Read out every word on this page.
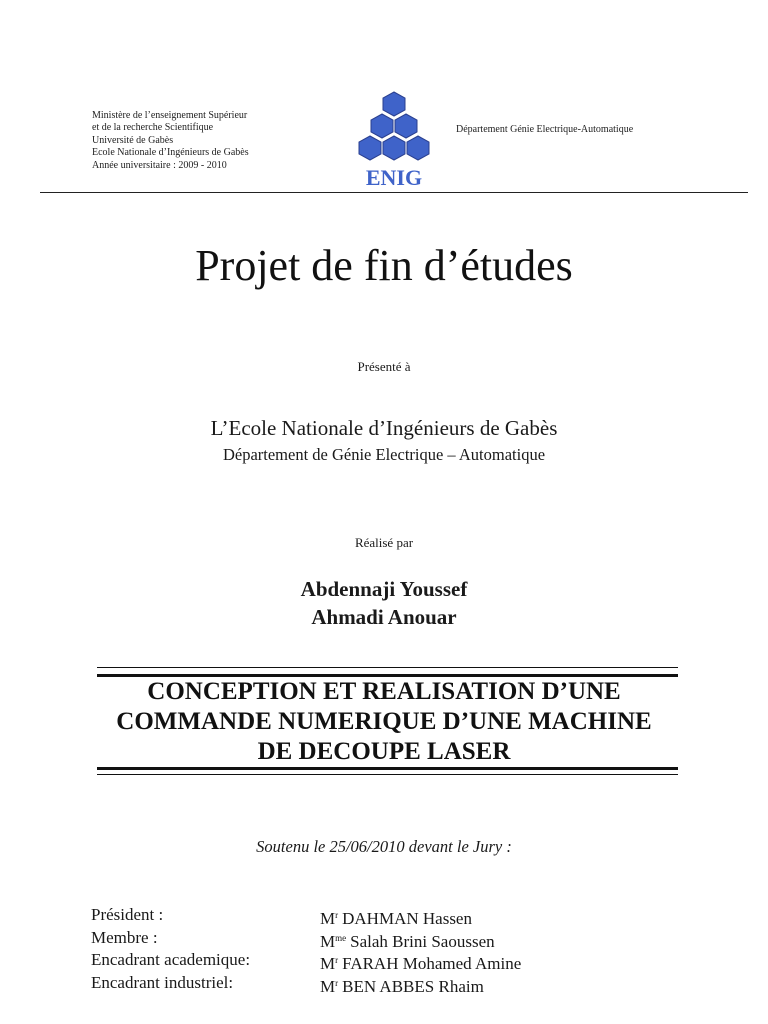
Ministère de l’enseignement Supérieur
et de la recherche Scientifique
Université de Gabès
Ecole Nationale d’Ingénieurs de Gabès
Année universitaire : 2009 - 2010	ENIG
Département Génie Electrique-Automatique
Projet de fin d’études
Présenté à
L’Ecole Nationale d’Ingénieurs de Gabès
Département de Génie Electrique – Automatique
Réalisé par
Abdennaji Youssef
Ahmadi Anouar
CONCEPTION ET REALISATION D’UNE
COMMANDE NUMERIQUE D’UNE MACHINE
DE DECOUPE LASER
Soutenu le 25/06/2010 devant le Jury :
Président :	$M^r$ DAHMAN Hassen
Membre :	$M^{me}$ Salah Brini Saoussen
Encadrant academique:	$M^r$ FARAH Mohamed Amine
Encadrant industriel:	$M^r$ BEN ABBES Rhaim
